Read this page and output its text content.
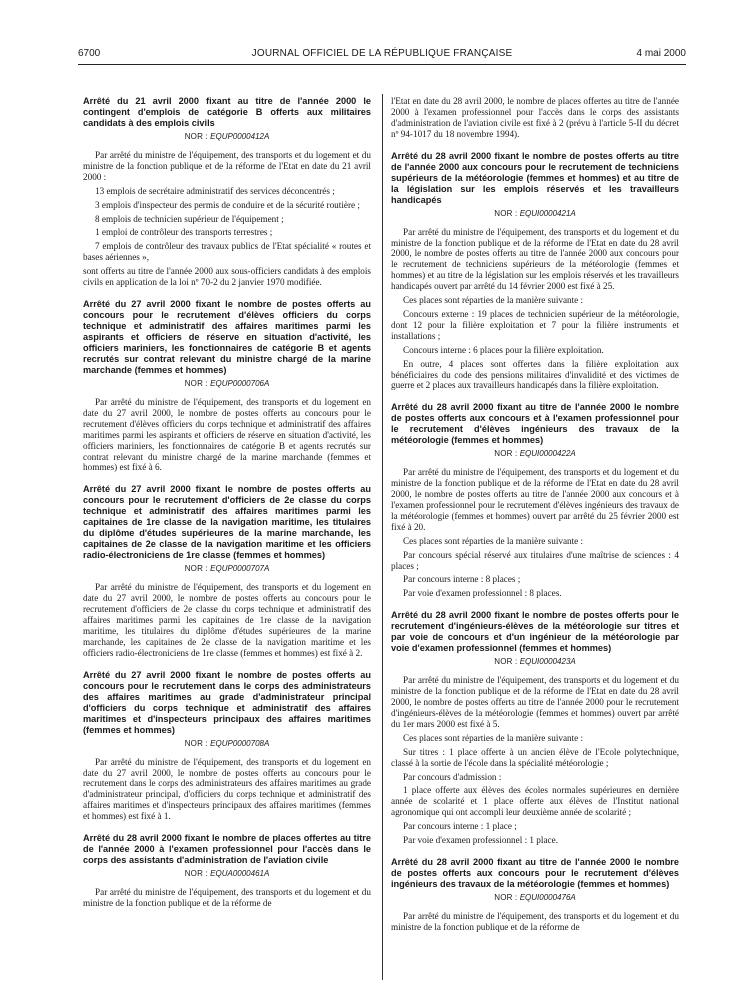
6700	JOURNAL OFFICIEL DE LA RÉPUBLIQUE FRANÇAISE	4 mai 2000
Arrêté du 21 avril 2000 fixant au titre de l'année 2000 le contingent d'emplois de catégorie B offerts aux militaires candidats à des emplois civils
NOR : EQUP0000412A

Par arrêté du ministre de l'équipement, des transports et du logement et du ministre de la fonction publique et de la réforme de l'Etat en date du 21 avril 2000 :

13 emplois de secrétaire administratif des services déconcentrés ;

3 emplois d'inspecteur des permis de conduire et de la sécurité routière ;

8 emplois de technicien supérieur de l'équipement ;

1 emploi de contrôleur des transports terrestres ;

7 emplois de contrôleur des travaux publics de l'Etat spécialité « routes et bases aériennes »,

sont offerts au titre de l'année 2000 aux sous-officiers candidats à des emplois civils en application de la loi nº 70-2 du 2 janvier 1970 modifiée.

Arrêté du 27 avril 2000 fixant le nombre de postes offerts au concours pour le recrutement d'élèves officiers du corps technique et administratif des affaires maritimes parmi les aspirants et officiers de réserve en situation d'activité, les officiers mariniers, les fonctionnaires de catégorie B et agents recrutés sur contrat relevant du ministre chargé de la marine marchande (femmes et hommes)
NOR : EQUP0000706A

Par arrêté du ministre de l'équipement, des transports et du logement en date du 27 avril 2000, le nombre de postes offerts au concours pour le recrutement d'élèves officiers du corps technique et administratif des affaires maritimes parmi les aspirants et officiers de réserve en situation d'activité, les officiers mariniers, les fonctionnaires de catégorie B et agents recrutés sur contrat relevant du ministre chargé de la marine marchande (femmes et hommes) est fixé à 6.

Arrêté du 27 avril 2000 fixant le nombre de postes offerts au concours pour le recrutement d'officiers de 2e classe du corps technique et administratif des affaires maritimes parmi les capitaines de 1re classe de la navigation maritime, les titulaires du diplôme d'études supérieures de la marine marchande, les capitaines de 2e classe de la navigation maritime et les officiers radio-électroniciens de 1re classe (femmes et hommes)
NOR : EQUP0000707A

Par arrêté du ministre de l'équipement, des transports et du logement en date du 27 avril 2000, le nombre de postes offerts au concours pour le recrutement d'officiers de 2e classe du corps technique et administratif des affaires maritimes parmi les capitaines de 1re classe de la navigation maritime, les titulaires du diplôme d'études supérieures de la marine marchande, les capitaines de 2e classe de la navigation maritime et les officiers radio-électroniciens de 1re classe (femmes et hommes) est fixé à 2.

Arrêté du 27 avril 2000 fixant le nombre de postes offerts au concours pour le recrutement dans le corps des administrateurs des affaires maritimes au grade d'administrateur principal d'officiers du corps technique et administratif des affaires maritimes et d'inspecteurs principaux des affaires maritimes (femmes et hommes)
NOR : EQUP0000708A

Par arrêté du ministre de l'équipement, des transports et du logement en date du 27 avril 2000, le nombre de postes offerts au concours pour le recrutement dans le corps des administrateurs des affaires maritimes au grade d'administrateur principal, d'officiers du corps technique et administratif des affaires maritimes et d'inspecteurs principaux des affaires maritimes (femmes et hommes) est fixé à 1.

Arrêté du 28 avril 2000 fixant le nombre de places offertes au titre de l'année 2000 à l'examen professionnel pour l'accès dans le corps des assistants d'administration de l'aviation civile
NOR : EQUA0000461A

Par arrêté du ministre de l'équipement, des transports et du logement et du ministre de la fonction publique et de la réforme de

l'Etat en date du 28 avril 2000, le nombre de places offertes au titre de l'année 2000 à l'examen professionnel pour l'accès dans le corps des assistants d'administration de l'aviation civile est fixé à 2 (prévu à l'article 5-II du décret nº 94-1017 du 18 novembre 1994).

Arrêté du 28 avril 2000 fixant le nombre de postes offerts au titre de l'année 2000 aux concours pour le recrutement de techniciens supérieurs de la météorologie (femmes et hommes) et au titre de la législation sur les emplois réservés et les travailleurs handicapés
NOR : EQUI0000421A

Par arrêté du ministre de l'équipement, des transports et du logement et du ministre de la fonction publique et de la réforme de l'Etat en date du 28 avril 2000, le nombre de postes offerts au titre de l'année 2000 aux concours pour le recrutement de techniciens supérieurs de la météorologie (femmes et hommes) et au titre de la législation sur les emplois réservés et les travailleurs handicapés ouvert par arrêté du 14 février 2000 est fixé à 25.

Ces places sont réparties de la manière suivante :

Concours externe : 19 places de technicien supérieur de la météorologie, dont 12 pour la filière exploitation et 7 pour la filière instruments et installations ;

Concours interne : 6 places pour la filière exploitation.

En outre, 4 places sont offertes dans la filière exploitation aux bénéficiaires du code des pensions militaires d'invalidité et des victimes de guerre et 2 places aux travailleurs handicapés dans la filière exploitation.

Arrêté du 28 avril 2000 fixant au titre de l'année 2000 le nombre de postes offerts aux concours et à l'examen professionnel pour le recrutement d'élèves ingénieurs des travaux de la météorologie (femmes et hommes)
NOR : EQUI0000422A

Par arrêté du ministre de l'équipement, des transports et du logement et du ministre de la fonction publique et de la réforme de l'Etat en date du 28 avril 2000, le nombre de postes offerts au titre de l'année 2000 aux concours et à l'examen professionnel pour le recrutement d'élèves ingénieurs des travaux de la météorologie (femmes et hommes) ouvert par arrêté du 25 février 2000 est fixé à 20.

Ces places sont réparties de la manière suivante :

Par concours spécial réservé aux titulaires d'une maîtrise de sciences : 4 places ;

Par concours interne : 8 places ;

Par voie d'examen professionnel : 8 places.

Arrêté du 28 avril 2000 fixant le nombre de postes offerts pour le recrutement d'ingénieurs-élèves de la météorologie sur titres et par voie de concours et d'un ingénieur de la météorologie par voie d'examen professionnel (femmes et hommes)
NOR : EQUI0000423A

Par arrêté du ministre de l'équipement, des transports et du logement et du ministre de la fonction publique et de la réforme de l'Etat en date du 28 avril 2000, le nombre de postes offerts au titre de l'année 2000 pour le recrutement d'ingénieurs-élèves de la météorologie (femmes et hommes) ouvert par arrêté du 1er mars 2000 est fixé à 5.

Ces places sont réparties de la manière suivante :

Sur titres : 1 place offerte à un ancien élève de l'Ecole polytechnique, classé à la sortie de l'école dans la spécialité météorologie ;

Par concours d'admission :

1 place offerte aux élèves des écoles normales supérieures en dernière année de scolarité et 1 place offerte aux élèves de l'Institut national agronomique qui ont accompli leur deuxième année de scolarité ;

Par concours interne : 1 place ;

Par voie d'examen professionnel : 1 place.

Arrêté du 28 avril 2000 fixant au titre de l'année 2000 le nombre de postes offerts aux concours pour le recrutement d'élèves ingénieurs des travaux de la météorologie (femmes et hommes)
NOR : EQUI0000476A

Par arrêté du ministre de l'équipement, des transports et du logement et du ministre de la fonction publique et de la réforme de
